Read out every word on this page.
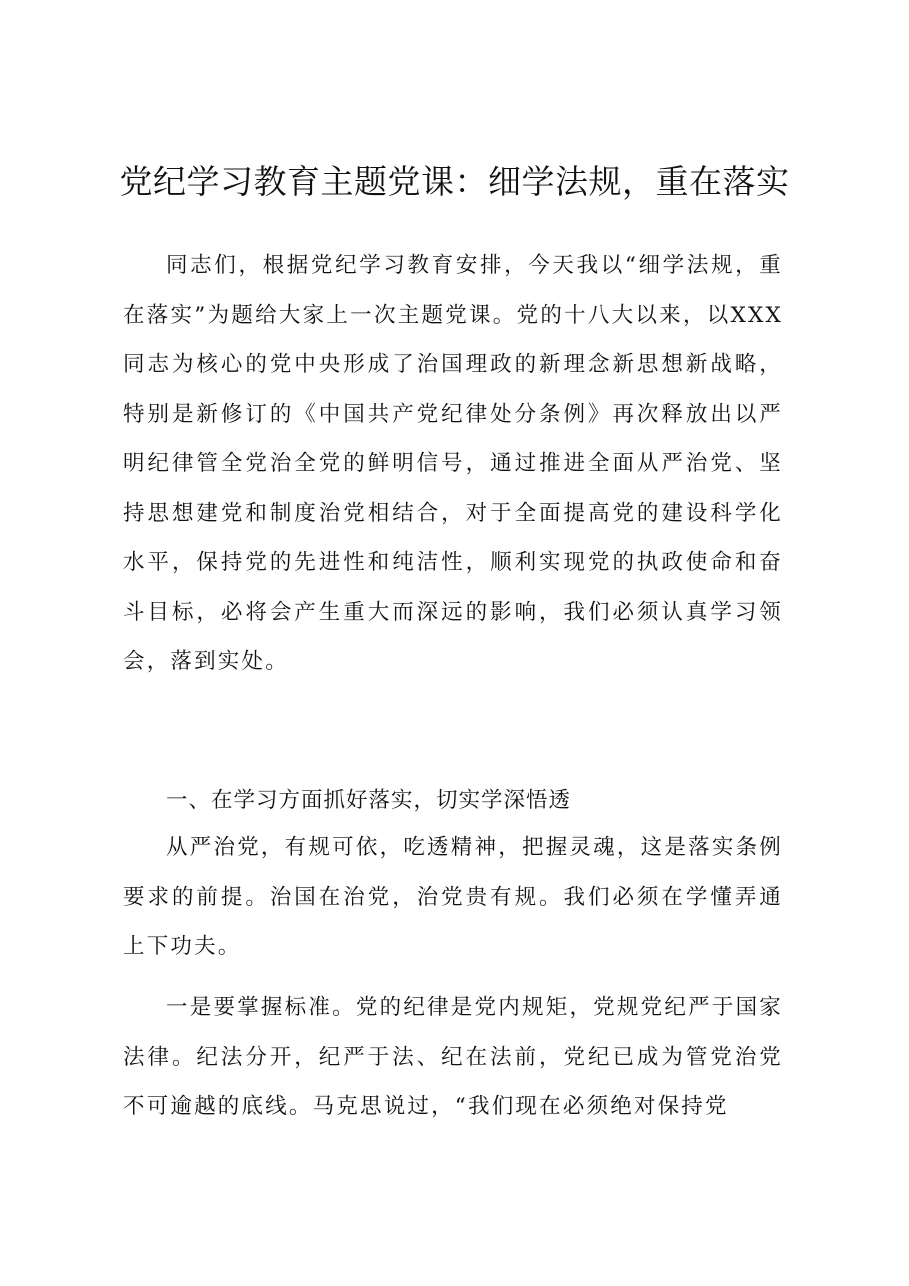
党纪学习教育主题党课：细学法规，重在落实

同志们，根据党纪学习教育安排，今天我以“细学法规，重在落实”为题给大家上一次主题党课。党的十八大以来，以XXX同志为核心的党中央形成了治国理政的新理念新思想新战略，特别是新修订的《中国共产党纪律处分条例》再次释放出以严明纪律管全党治全党的鲜明信号，通过推进全面从严治党、坚持思想建党和制度治党相结合，对于全面提高党的建设科学化水平，保持党的先进性和纯洁性，顺利实现党的执政使命和奋斗目标，必将会产生重大而深远的影响，我们必须认真学习领会，落到实处。

一、在学习方面抓好落实，切实学深悟透

从严治党，有规可依，吃透精神，把握灵魂，这是落实条例要求的前提。治国在治党，治党贵有规。我们必须在学懂弄通上下功夫。

一是要掌握标准。党的纪律是党内规矩，党规党纪严于国家法律。纪法分开，纪严于法、纪在法前，党纪已成为管党治党不可逾越的底线。马克思说过，“我们现在必须绝对保持党
